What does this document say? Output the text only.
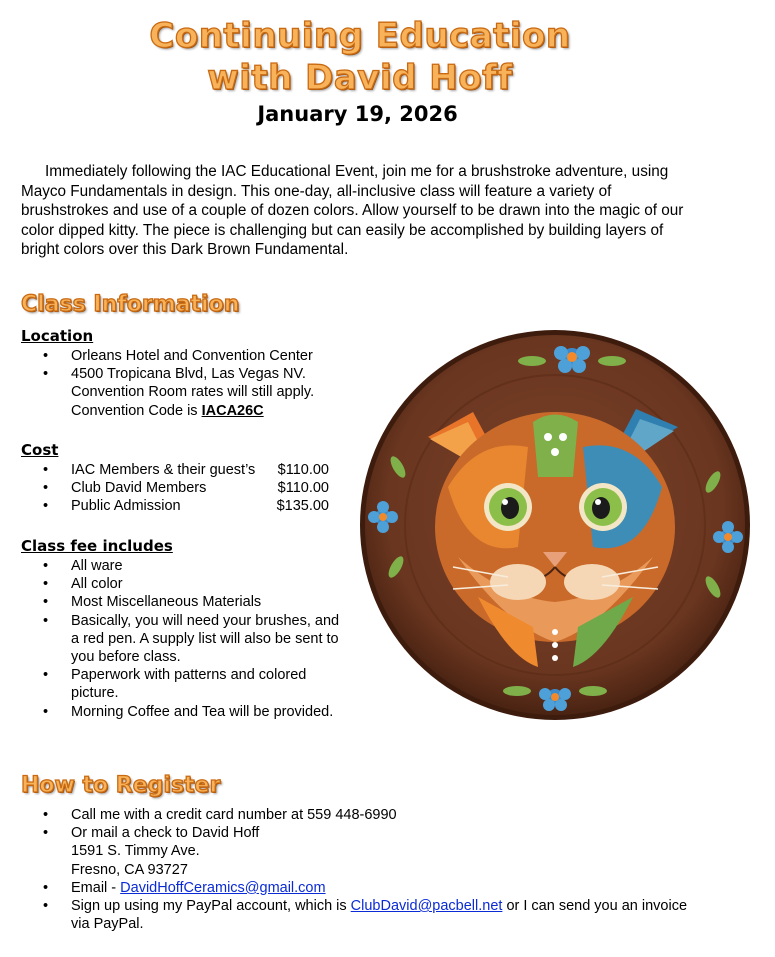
Continuing Education
with David Hoff
January 19, 2026

Immediately following the IAC Educational Event, join me for a brushstroke adventure, using Mayco Fundamentals in design. This one-day, all-inclusive class will feature a variety of brushstrokes and use of a couple of dozen colors. Allow yourself to be drawn into the magic of our color dipped kitty. The piece is challenging but can easily be accomplished by building layers of bright colors over this Dark Brown Fundamental.

Class Information
Location
• Orleans Hotel and Convention Center
• 4500 Tropicana Blvd, Las Vegas NV. Convention Room rates will still apply. Convention Code is IACA26C
Cost
• IAC Members & their guest’s	$110.00
• Club David Members	$110.00
• Public Admission	$135.00
Class fee includes
• All ware
• All color
• Most Miscellaneous Materials
• Basically, you will need your brushes, and a red pen. A supply list will also be sent to you before class.
• Paperwork with patterns and colored picture.
• Morning Coffee and Tea will be provided.
How to Register
• Call me with a credit card number at 559 448-6990
• Or mail a check to David Hoff
1591 S. Timmy Ave.
Fresno, CA 93727
• Email - DavidHoffCeramics@gmail.com
• Sign up using my PayPal account, which is ClubDavid@pacbell.net or I can send you an invoice via PayPal.
